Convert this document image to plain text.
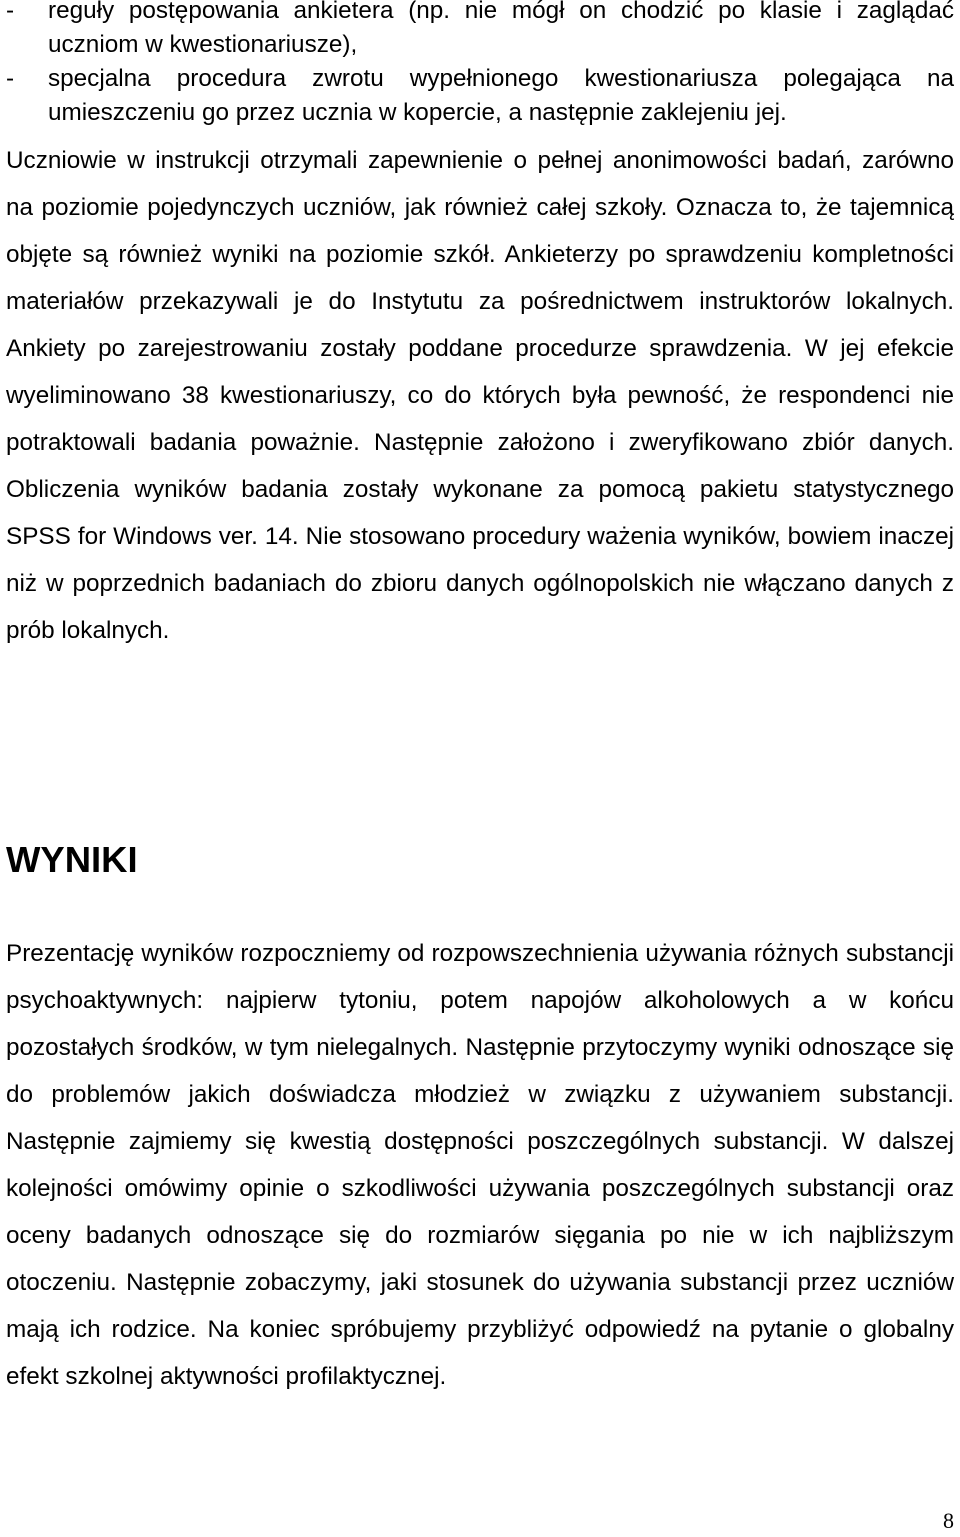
- reguły postępowania ankietera (np. nie mógł on chodzić po klasie i zaglądać uczniom w kwestionariusze),
- specjalna procedura zwrotu wypełnionego kwestionariusza polegająca na umieszczeniu go przez ucznia w kopercie, a następnie zaklejeniu jej.

Uczniowie w instrukcji otrzymali zapewnienie o pełnej anonimowości badań, zarówno na poziomie pojedynczych uczniów, jak również całej szkoły. Oznacza to, że tajemnicą objęte są również wyniki na poziomie szkół. Ankieterzy po sprawdzeniu kompletności materiałów przekazywali je do Instytutu za pośrednictwem instruktorów lokalnych. Ankiety po zarejestrowaniu zostały poddane procedurze sprawdzenia. W jej efekcie wyeliminowano 38 kwestionariuszy, co do których była pewność, że respondenci nie potraktowali badania poważnie. Następnie założono i zweryfikowano zbiór danych. Obliczenia wyników badania zostały wykonane za pomocą pakietu statystycznego SPSS for Windows ver. 14. Nie stosowano procedury ważenia wyników, bowiem inaczej niż w poprzednich badaniach do zbioru danych ogólnopolskich nie włączano danych z prób lokalnych.

WYNIKI

Prezentację wyników rozpoczniemy od rozpowszechnienia używania różnych substancji psychoaktywnych: najpierw tytoniu, potem napojów alkoholowych a w końcu pozostałych środków, w tym nielegalnych. Następnie przytoczymy wyniki odnoszące się do problemów jakich doświadcza młodzież w związku z używaniem substancji. Następnie zajmiemy się kwestią dostępności poszczególnych substancji. W dalszej kolejności omówimy opinie o szkodliwości używania poszczególnych substancji oraz oceny badanych odnoszące się do rozmiarów sięgania po nie w ich najbliższym otoczeniu. Następnie zobaczymy, jaki stosunek do używania substancji przez uczniów mają ich rodzice. Na koniec spróbujemy przybliżyć odpowiedź na pytanie o globalny efekt szkolnej aktywności profilaktycznej.

8
